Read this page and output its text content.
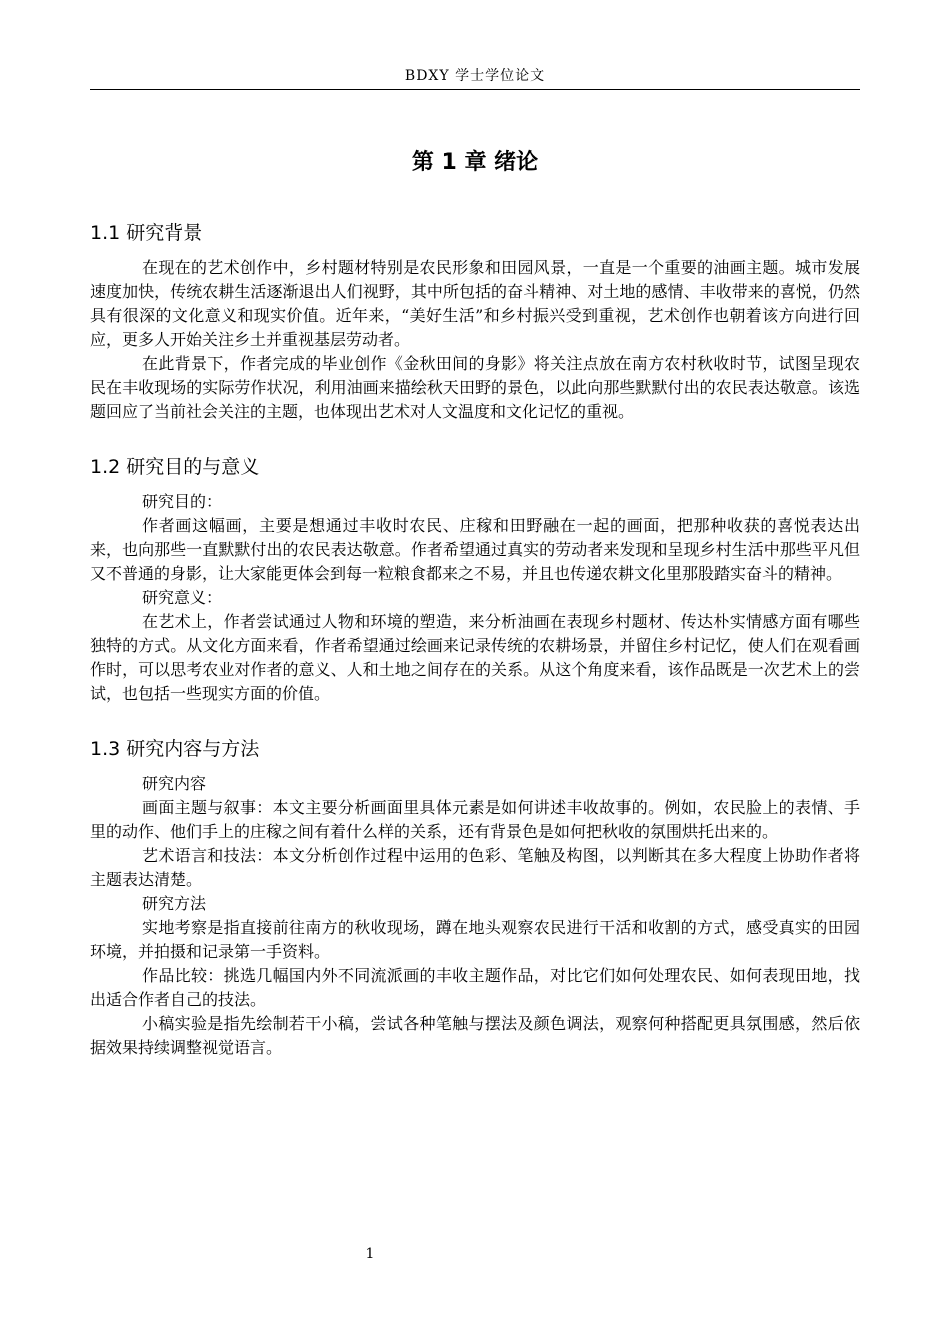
BDXY 学士学位论文
第 1 章 绪论
1.1 研究背景

在现在的艺术创作中，乡村题材特别是农民形象和田园风景，一直是一个重要的油画主题。城市发展速度加快，传统农耕生活逐渐退出人们视野，其中所包括的奋斗精神、对土地的感情、丰收带来的喜悦，仍然具有很深的文化意义和现实价值。近年来，“美好生活”和乡村振兴受到重视，艺术创作也朝着该方向进行回应，更多人开始关注乡土并重视基层劳动者。

在此背景下，作者完成的毕业创作《金秋田间的身影》将关注点放在南方农村秋收时节，试图呈现农民在丰收现场的实际劳作状况，利用油画来描绘秋天田野的景色，以此向那些默默付出的农民表达敬意。该选题回应了当前社会关注的主题，也体现出艺术对人文温度和文化记忆的重视。

1.2 研究目的与意义

研究目的：

作者画这幅画，主要是想通过丰收时农民、庄稼和田野融在一起的画面，把那种收获的喜悦表达出来，也向那些一直默默付出的农民表达敬意。作者希望通过真实的劳动者来发现和呈现乡村生活中那些平凡但又不普通的身影，让大家能更体会到每一粒粮食都来之不易，并且也传递农耕文化里那股踏实奋斗的精神。

研究意义：

在艺术上，作者尝试通过人物和环境的塑造，来分析油画在表现乡村题材、传达朴实情感方面有哪些独特的方式。从文化方面来看，作者希望通过绘画来记录传统的农耕场景，并留住乡村记忆，使人们在观看画作时，可以思考农业对作者的意义、人和土地之间存在的关系。从这个角度来看，该作品既是一次艺术上的尝试，也包括一些现实方面的价值。

1.3 研究内容与方法

研究内容

画面主题与叙事：本文主要分析画面里具体元素是如何讲述丰收故事的。例如，农民脸上的表情、手里的动作、他们手上的庄稼之间有着什么样的关系，还有背景色是如何把秋收的氛围烘托出来的。

艺术语言和技法：本文分析创作过程中运用的色彩、笔触及构图，以判断其在多大程度上协助作者将主题表达清楚。

研究方法

实地考察是指直接前往南方的秋收现场，蹲在地头观察农民进行干活和收割的方式，感受真实的田园环境，并拍摄和记录第一手资料。

作品比较：挑选几幅国内外不同流派画的丰收主题作品，对比它们如何处理农民、如何表现田地，找出适合作者自己的技法。

小稿实验是指先绘制若干小稿，尝试各种笔触与摆法及颜色调法，观察何种搭配更具氛围感，然后依据效果持续调整视觉语言。

1
